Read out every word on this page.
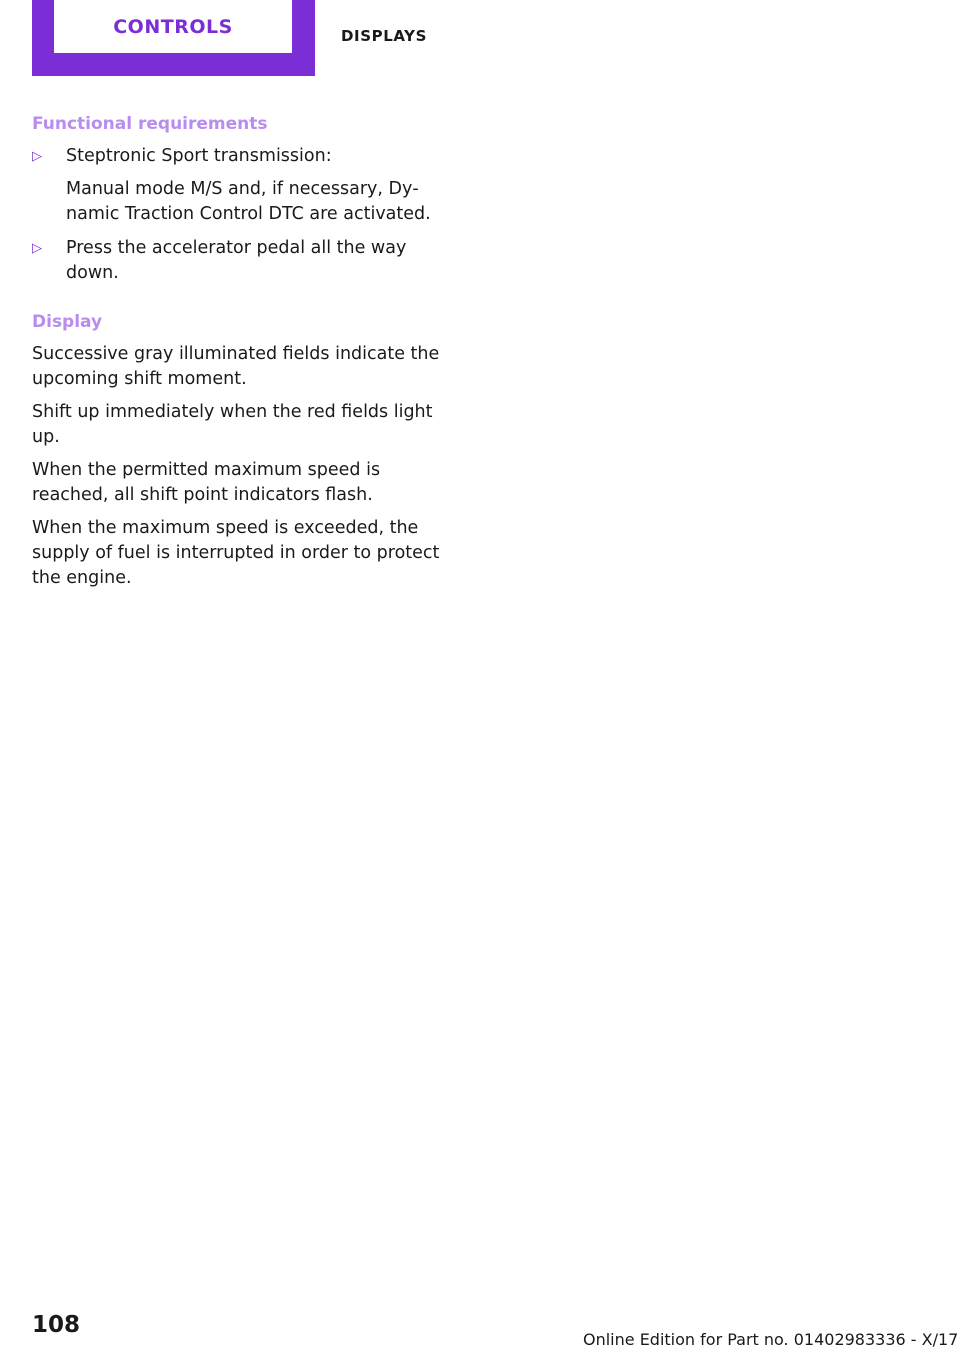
CONTROLS	DISPLAYS
Functional requirements
▷ Steptronic Sport transmission:

Manual mode M/S and, if necessary, Dy‐ namic Traction Control DTC are activated.

▷ Press the accelerator pedal all the way down.

Display

Successive gray illuminated fields indicate the upcoming shift moment.

Shift up immediately when the red fields light up.

When the permitted maximum speed is reached, all shift point indicators flash.

When the maximum speed is exceeded, the supply of fuel is interrupted in order to protect the engine.

108
Online Edition for Part no. 01402983336 - X/17
